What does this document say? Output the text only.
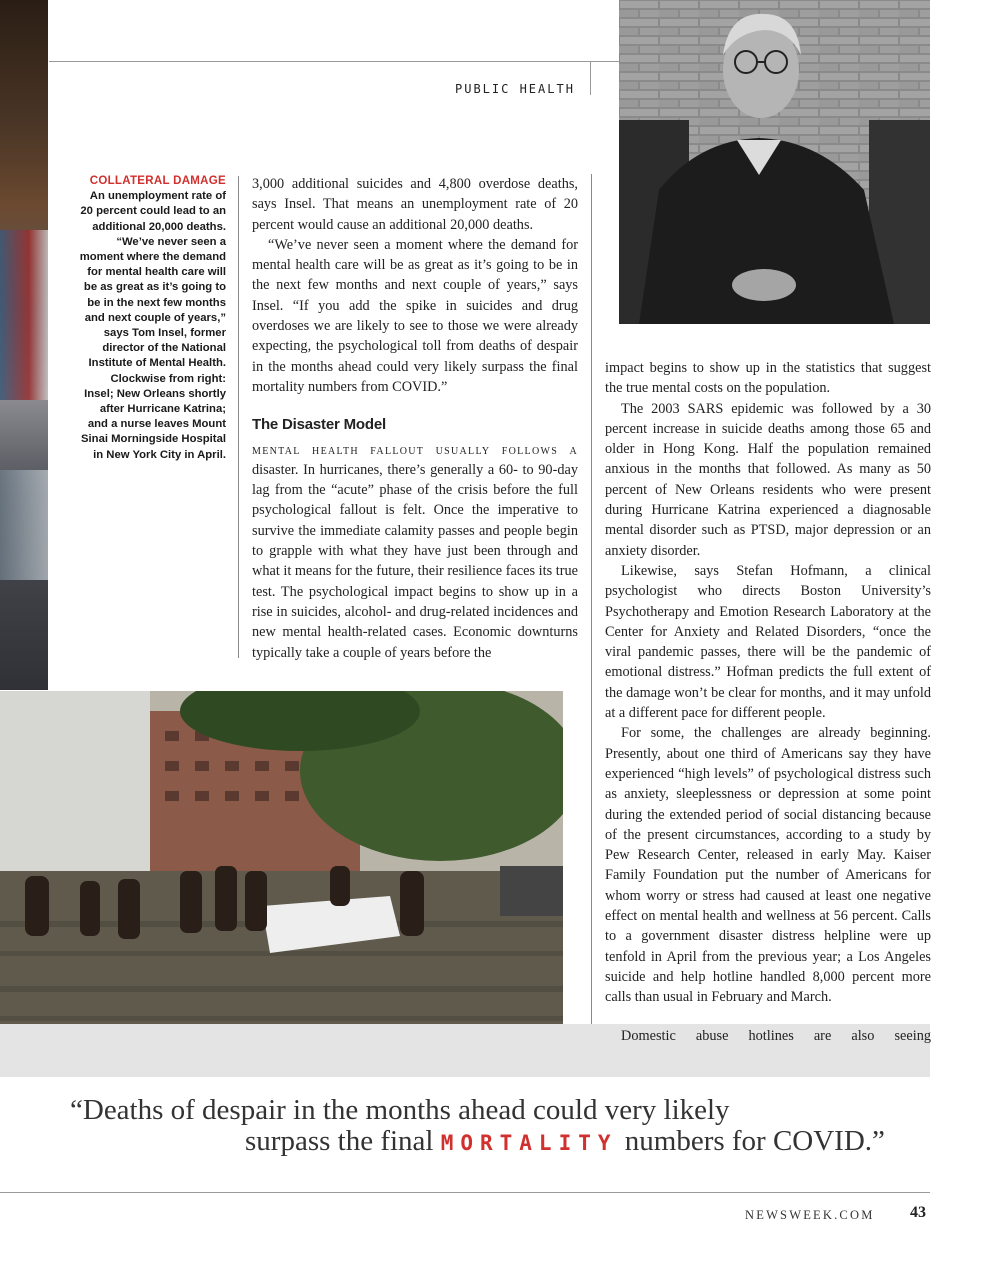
PUBLIC HEALTH
COLLATERAL DAMAGE
An unemployment rate of 20 percent could lead to an additional 20,000 deaths. “We’ve never seen a moment where the demand for mental health care will be as great as it’s going to be in the next few months and next couple of years,” says Tom Insel, former director of the National Institute of Mental Health. Clockwise from right: Insel; New Orleans shortly after Hurricane Katrina; and a nurse leaves Mount Sinai Morningside Hospital in New York City in April.

3,000 additional suicides and 4,800 overdose deaths, says Insel. That means an unemployment rate of 20 percent would cause an additional 20,000 deaths.

“We’ve never seen a moment where the demand for mental health care will be as great as it’s going to be in the next few months and next couple of years,” says Insel. “If you add the spike in suicides and drug overdoses we are likely to see to those we were already expecting, the psychological toll from deaths of despair in the months ahead could very likely surpass the final mortality numbers from COVID.”

The Disaster Model

mental health fallout usually follows a disaster. In hurricanes, there’s generally a 60- to 90-day lag from the “acute” phase of the crisis before the full psychological fallout is felt. Once the imperative to survive the immediate calamity passes and people begin to grapple with what they have just been through and what it means for the future, their resilience faces its true test. The psychological impact begins to show up in a rise in suicides, alcohol- and drug-related incidences and new mental health-related cases. Economic downturns typically take a couple of years before the

impact begins to show up in the statistics that suggest the true mental costs on the population.

The 2003 SARS epidemic was followed by a 30 percent increase in suicide deaths among those 65 and older in Hong Kong. Half the population remained anxious in the months that followed. As many as 50 percent of New Orleans residents who were present during Hurricane Katrina experienced a diagnosable mental disorder such as PTSD, major depression or an anxiety disorder.

Likewise, says Stefan Hofmann, a clinical psychologist who directs Boston University’s Psychotherapy and Emotion Research Laboratory at the Center for Anxiety and Related Disorders, “once the viral pandemic passes, there will be the pandemic of emotional distress.” Hofman predicts the full extent of the damage won’t be clear for months, and it may unfold at a different pace for different people.

For some, the challenges are already beginning. Presently, about one third of Americans say they have experienced “high levels” of psychological distress such as anxiety, sleeplessness or depression at some point during the extended period of social distancing because of the present circumstances, according to a study by Pew Research Center, released in early May. Kaiser Family Foundation put the number of Americans for whom worry or stress had caused at least one negative effect on mental health and wellness at 56 percent. Calls to a government disaster distress helpline were up tenfold in April from the previous year; a Los Angeles suicide and help hotline handled 8,000 percent more calls than usual in February and March.

Domestic abuse hotlines are also seeing

“Deaths of despair in the months ahead could very likely
surpass the final MORTALITY numbers for COVID.”
NEWSWEEK.COM 43
